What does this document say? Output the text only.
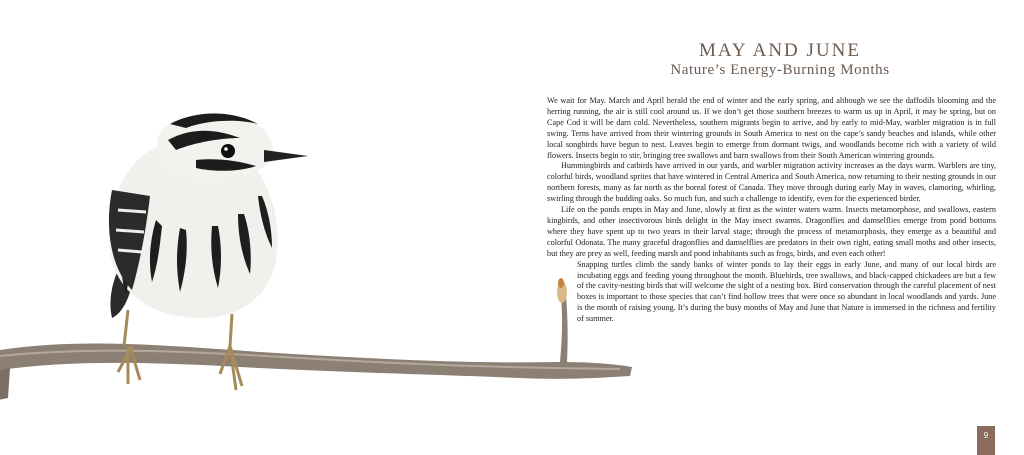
MAY AND JUNE
Nature’s Energy-Burning Months

We wait for May. March and April herald the end of winter and the early spring, and although we see the daffodils blooming and the herring running, the air is still cool around us. If we don’t get those southern breezes to warm us up in April, it may be spring, but on Cape Cod it will be darn cold. Nevertheless, southern migrants begin to arrive, and by early to mid-May, warbler migration is in full swing. Terns have arrived from their wintering grounds in South America to nest on the cape’s sandy beaches and islands, while other local songbirds have begun to nest. Leaves begin to emerge from dormant twigs, and woodlands become rich with a variety of wild flowers. Insects begin to stir, bringing tree swallows and barn swallows from their South American wintering grounds.

Hummingbirds and catbirds have arrived in our yards, and warbler migration activity increases as the days warm. Warblers are tiny, colorful birds, woodland sprites that have wintered in Central America and South America, now returning to their nesting grounds in our northern forests, many as far north as the boreal forest of Canada. They move through during early May in waves, clamoring, whirling, swirling through the budding oaks. So much fun, and such a challenge to identify, even for the experienced birder.

Life on the ponds erupts in May and June, slowly at first as the winter waters warm. Insects metamorphose, and swallows, eastern kingbirds, and other insectivorous birds delight in the May insect swarms. Dragonflies and damselflies emerge from pond bottoms where they have spent up to two years in their larval stage; through the process of metamorphosis, they emerge as a beautiful and colorful Odonata. The many graceful dragonflies and damselflies are predators in their own right, eating small moths and other insects, but they are prey as well, feeding marsh and pond inhabitants such as frogs, birds, and even each other!

Snapping turtles climb the sandy banks of winter ponds to lay their eggs in early June, and many of our local birds are incubating eggs and feeding young throughout the month. Bluebirds, tree swallows, and black-capped chickadees are but a few of the cavity-nesting birds that will welcome the sight of a nesting box. Bird conservation through the careful placement of nest boxes is important to those species that can’t find hollow trees that were once so abundant in local woodlands and yards. June is the month of raising young. It’s during the busy months of May and June that Nature is immersed in the richness and fertility of summer.

9
